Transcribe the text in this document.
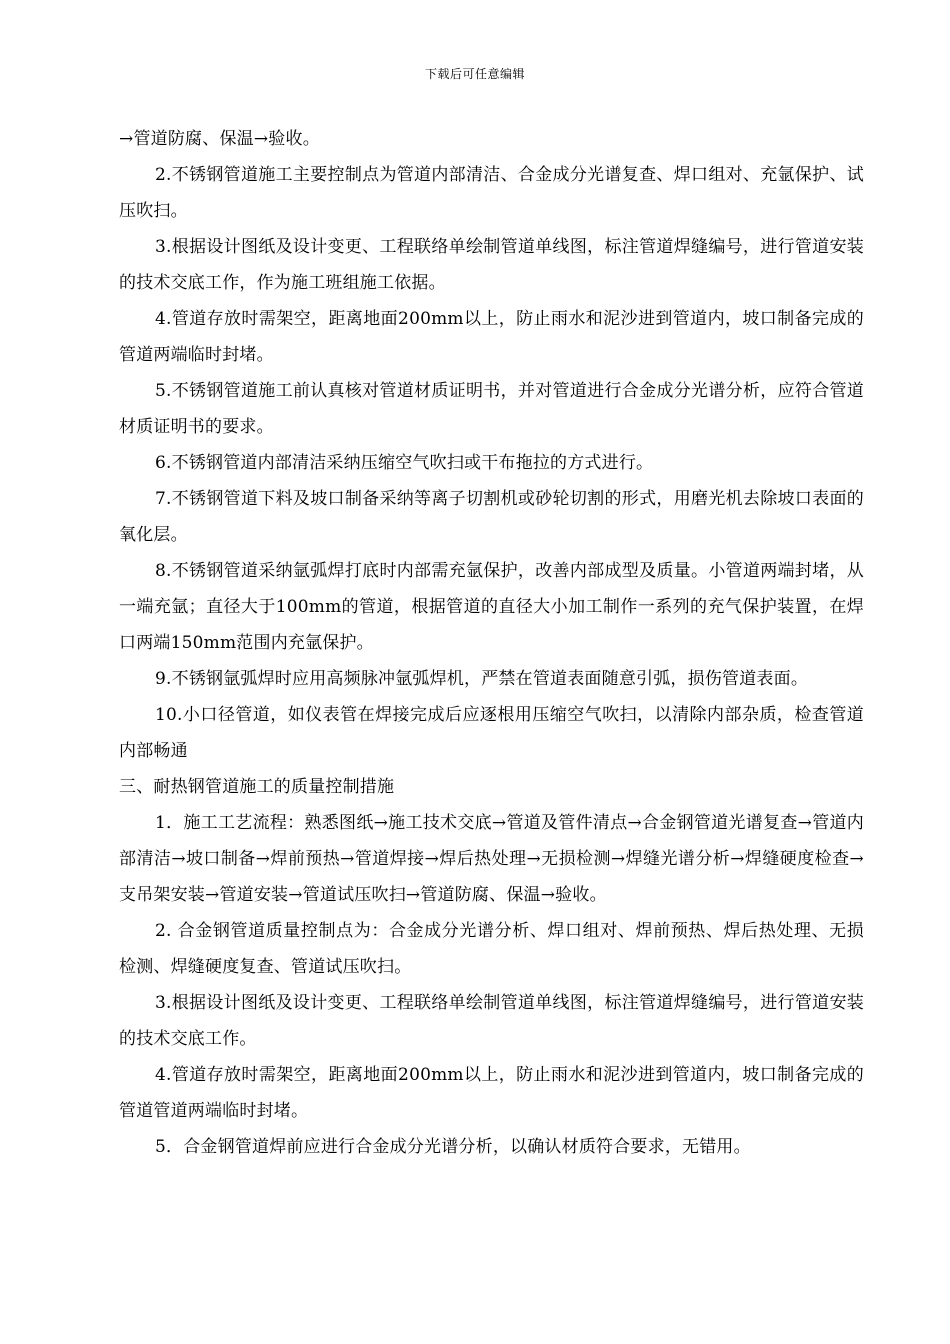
下载后可任意编辑

→管道防腐、保温→验收。

2.不锈钢管道施工主要控制点为管道内部清洁、合金成分光谱复查、焊口组对、充氩保护、试压吹扫。

3.根据设计图纸及设计变更、工程联络单绘制管道单线图，标注管道焊缝编号，进行管道安装的技术交底工作，作为施工班组施工依据。

4.管道存放时需架空，距离地面200mm以上，防止雨水和泥沙进到管道内，坡口制备完成的管道两端临时封堵。

5.不锈钢管道施工前认真核对管道材质证明书，并对管道进行合金成分光谱分析，应符合管道材质证明书的要求。

6.不锈钢管道内部清洁采纳压缩空气吹扫或干布拖拉的方式进行。

7.不锈钢管道下料及坡口制备采纳等离子切割机或砂轮切割的形式，用磨光机去除坡口表面的氧化层。

8.不锈钢管道采纳氩弧焊打底时内部需充氩保护，改善内部成型及质量。小管道两端封堵，从一端充氩；直径大于100mm的管道，根据管道的直径大小加工制作一系列的充气保护装置，在焊口两端150mm范围内充氩保护。

9.不锈钢氩弧焊时应用高频脉冲氩弧焊机，严禁在管道表面随意引弧，损伤管道表面。

10.小口径管道，如仪表管在焊接完成后应逐根用压缩空气吹扫，以清除内部杂质，检查管道内部畅通

三、耐热钢管道施工的质量控制措施

1．施工工艺流程：熟悉图纸→施工技术交底→管道及管件清点→合金钢管道光谱复查→管道内部清洁→坡口制备→焊前预热→管道焊接→焊后热处理→无损检测→焊缝光谱分析→焊缝硬度检查→支吊架安装→管道安装→管道试压吹扫→管道防腐、保温→验收。

2. 合金钢管道质量控制点为：合金成分光谱分析、焊口组对、焊前预热、焊后热处理、无损检测、焊缝硬度复查、管道试压吹扫。

3.根据设计图纸及设计变更、工程联络单绘制管道单线图，标注管道焊缝编号，进行管道安装的技术交底工作。

4.管道存放时需架空，距离地面200mm以上，防止雨水和泥沙进到管道内，坡口制备完成的管道管道两端临时封堵。

5．合金钢管道焊前应进行合金成分光谱分析，以确认材质符合要求，无错用。
